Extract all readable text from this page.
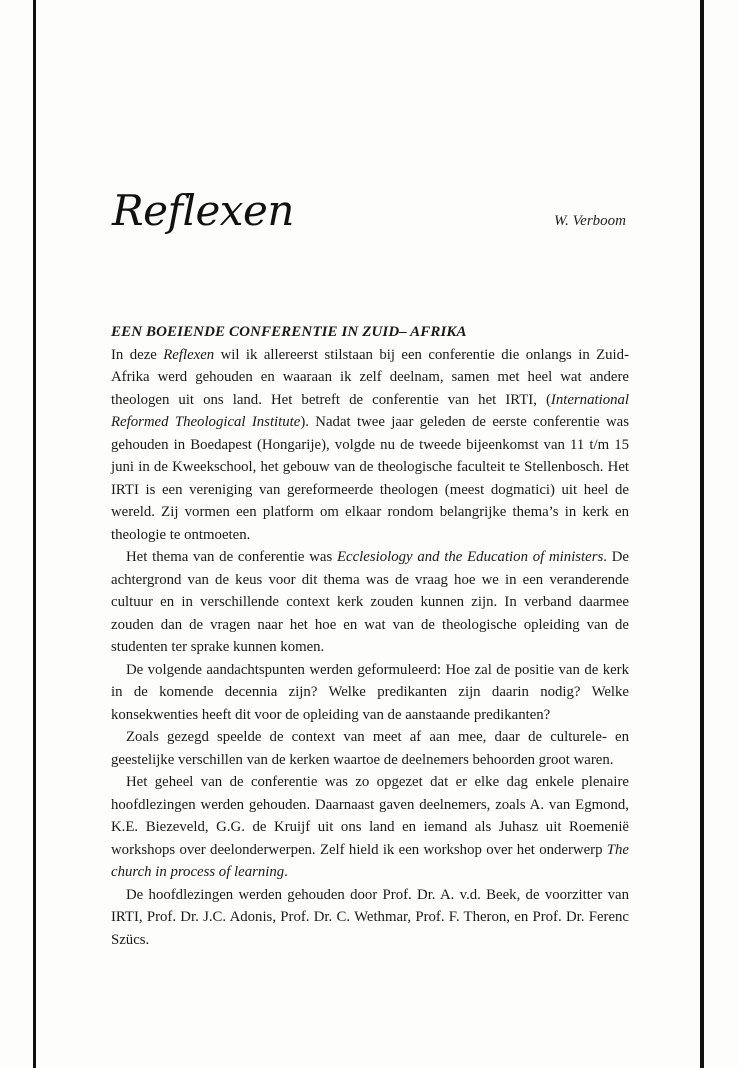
Reflexen	W. Verboom

EEN BOEIENDE CONFERENTIE IN ZUID– AFRIKA

In deze Reflexen wil ik allereerst stilstaan bij een conferentie die onlangs in Zuid-Afrika werd gehouden en waaraan ik zelf deelnam, samen met heel wat andere theologen uit ons land. Het betreft de conferentie van het IRTI, (International Reformed Theological Institute). Nadat twee jaar geleden de eerste conferentie was gehouden in Boedapest (Hongarije), volgde nu de tweede bijeenkomst van 11 t/m 15 juni in de Kweekschool, het gebouw van de theologische faculteit te Stellenbosch. Het IRTI is een vereniging van gereformeerde theologen (meest dogmatici) uit heel de wereld. Zij vormen een platform om elkaar rondom belangrijke thema’s in kerk en theologie te ontmoeten.

Het thema van de conferentie was Ecclesiology and the Education of ministers. De achtergrond van de keus voor dit thema was de vraag hoe we in een veranderende cultuur en in verschillende context kerk zouden kunnen zijn. In verband daarmee zouden dan de vragen naar het hoe en wat van de theologische opleiding van de studenten ter sprake kunnen komen.

De volgende aandachtspunten werden geformuleerd: Hoe zal de positie van de kerk in de komende decennia zijn? Welke predikanten zijn daarin nodig? Welke konsekwenties heeft dit voor de opleiding van de aanstaande predikanten?

Zoals gezegd speelde de context van meet af aan mee, daar de culturele- en geestelijke verschillen van de kerken waartoe de deelnemers behoorden groot waren.

Het geheel van de conferentie was zo opgezet dat er elke dag enkele plenaire hoofdlezingen werden gehouden. Daarnaast gaven deelnemers, zoals A. van Egmond, K.E. Biezeveld, G.G. de Kruijf uit ons land en iemand als Juhasz uit Roemenië workshops over deelonderwerpen. Zelf hield ik een workshop over het onderwerp The church in process of learning.

De hoofdlezingen werden gehouden door Prof. Dr. A. v.d. Beek, de voorzitter van IRTI, Prof. Dr. J.C. Adonis, Prof. Dr. C. Wethmar, Prof. F. Theron, en Prof. Dr. Ferenc Szücs.
